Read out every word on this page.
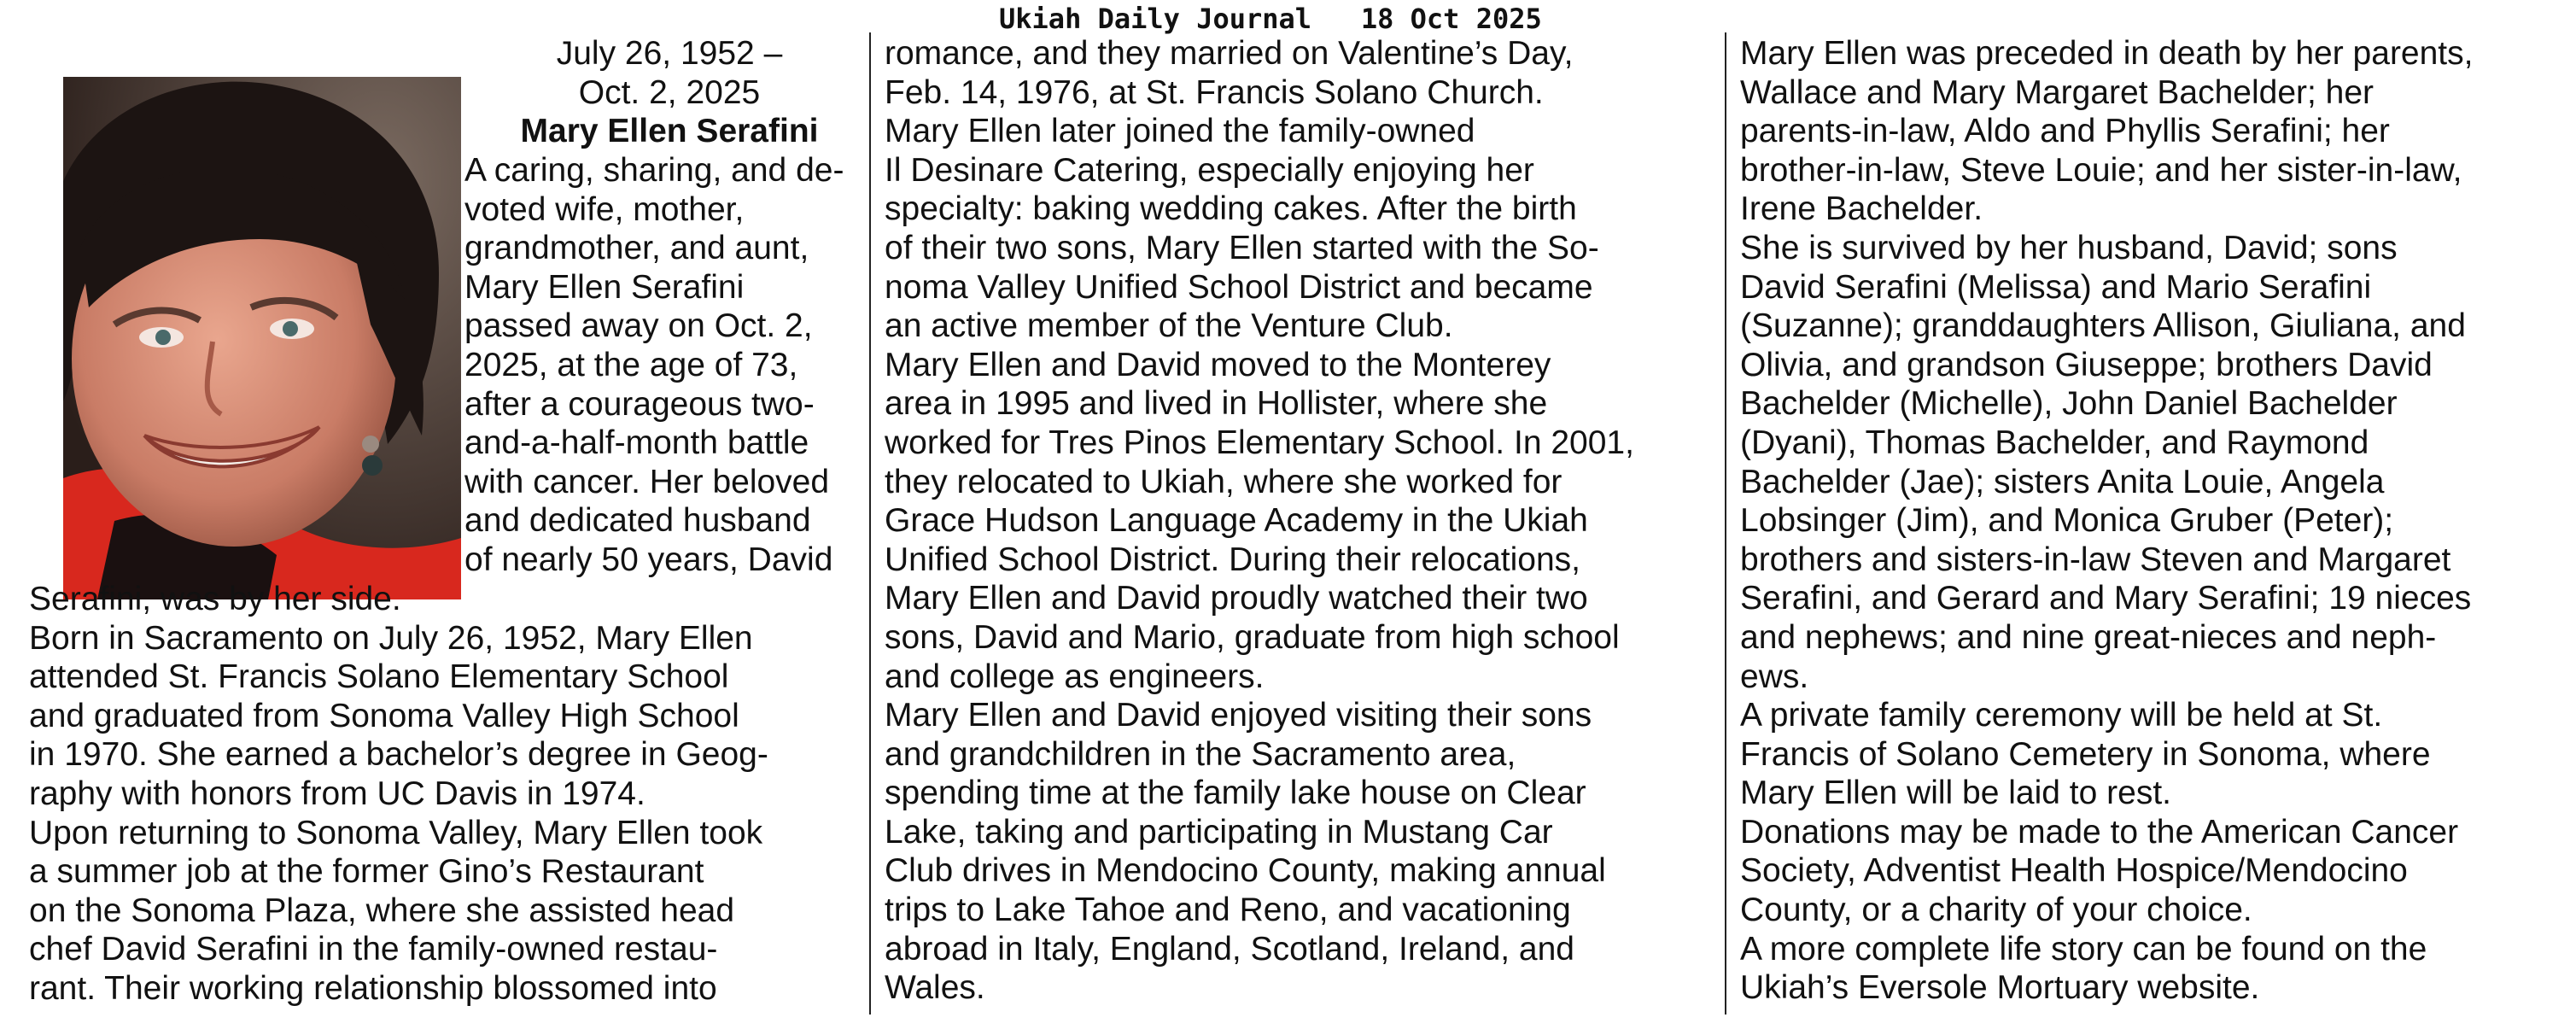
Ukiah Daily Journal 18 Oct 2025

July 26, 1952 –

Oct. 2, 2025

Mary Ellen Serafini

A caring, sharing, and de-

voted wife, mother,

grandmother, and aunt,

Mary Ellen Serafini

passed away on Oct. 2,

2025, at the age of 73,

after a courageous two-

and-a-half-month battle

with cancer. Her beloved

and dedicated husband

of nearly 50 years, David

Serafini, was by her side.

Born in Sacramento on July 26, 1952, Mary Ellen

attended St. Francis Solano Elementary School

and graduated from Sonoma Valley High School

in 1970. She earned a bachelor’s degree in Geog-

raphy with honors from UC Davis in 1974.

Upon returning to Sonoma Valley, Mary Ellen took

a summer job at the former Gino’s Restaurant

on the Sonoma Plaza, where she assisted head

chef David Serafini in the family-owned restau-

rant. Their working relationship blossomed into

romance, and they married on Valentine’s Day,

Feb. 14, 1976, at St. Francis Solano Church.

Mary Ellen later joined the family-owned

Il Desinare Catering, especially enjoying her

specialty: baking wedding cakes. After the birth

of their two sons, Mary Ellen started with the So-

noma Valley Unified School District and became

an active member of the Venture Club.

Mary Ellen and David moved to the Monterey

area in 1995 and lived in Hollister, where she

worked for Tres Pinos Elementary School. In 2001,

they relocated to Ukiah, where she worked for

Grace Hudson Language Academy in the Ukiah

Unified School District. During their relocations,

Mary Ellen and David proudly watched their two

sons, David and Mario, graduate from high school

and college as engineers.

Mary Ellen and David enjoyed visiting their sons

and grandchildren in the Sacramento area,

spending time at the family lake house on Clear

Lake, taking and participating in Mustang Car

Club drives in Mendocino County, making annual

trips to Lake Tahoe and Reno, and vacationing

abroad in Italy, England, Scotland, Ireland, and

Wales.

Mary Ellen was preceded in death by her parents,

Wallace and Mary Margaret Bachelder; her

parents-in-law, Aldo and Phyllis Serafini; her

brother-in-law, Steve Louie; and her sister-in-law,

Irene Bachelder.

She is survived by her husband, David; sons

David Serafini (Melissa) and Mario Serafini

(Suzanne); granddaughters Allison, Giuliana, and

Olivia, and grandson Giuseppe; brothers David

Bachelder (Michelle), John Daniel Bachelder

(Dyani), Thomas Bachelder, and Raymond

Bachelder (Jae); sisters Anita Louie, Angela

Lobsinger (Jim), and Monica Gruber (Peter);

brothers and sisters-in-law Steven and Margaret

Serafini, and Gerard and Mary Serafini; 19 nieces

and nephews; and nine great-nieces and neph-

ews.

A private family ceremony will be held at St.

Francis of Solano Cemetery in Sonoma, where

Mary Ellen will be laid to rest.

Donations may be made to the American Cancer

Society, Adventist Health Hospice/Mendocino

County, or a charity of your choice.

A more complete life story can be found on the

Ukiah’s Eversole Mortuary website.
